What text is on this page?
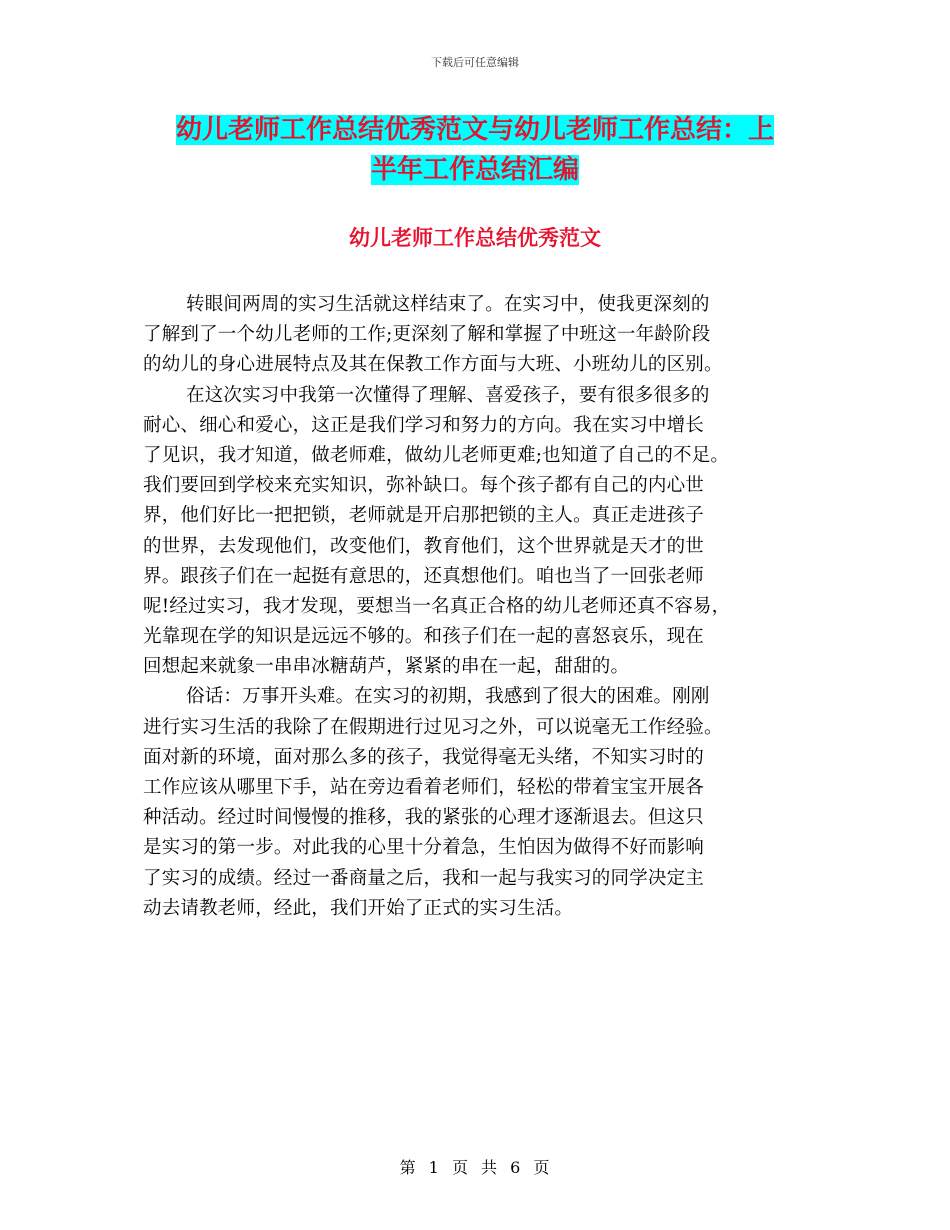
下载后可任意编辑
幼儿老师工作总结优秀范文与幼儿老师工作总结：上
半年工作总结汇编
幼儿老师工作总结优秀范文
转眼间两周的实习生活就这样结束了。在实习中，使我更深刻的
了解到了一个幼儿老师的工作;更深刻了解和掌握了中班这一年龄阶段
的幼儿的身心进展特点及其在保教工作方面与大班、小班幼儿的区别。
在这次实习中我第一次懂得了理解、喜爱孩子，要有很多很多的
耐心、细心和爱心，这正是我们学习和努力的方向。我在实习中增长
了见识，我才知道，做老师难，做幼儿老师更难;也知道了自己的不足。
我们要回到学校来充实知识，弥补缺口。每个孩子都有自己的内心世
界，他们好比一把把锁，老师就是开启那把锁的主人。真正走进孩子
的世界，去发现他们，改变他们，教育他们，这个世界就是天才的世
界。跟孩子们在一起挺有意思的，还真想他们。咱也当了一回张老师
呢!经过实习，我才发现，要想当一名真正合格的幼儿老师还真不容易，
光靠现在学的知识是远远不够的。和孩子们在一起的喜怒哀乐，现在
回想起来就象一串串冰糖葫芦，紧紧的串在一起，甜甜的。
俗话：万事开头难。在实习的初期，我感到了很大的困难。刚刚
进行实习生活的我除了在假期进行过见习之外，可以说毫无工作经验。
面对新的环境，面对那么多的孩子，我觉得毫无头绪，不知实习时的
工作应该从哪里下手，站在旁边看着老师们，轻松的带着宝宝开展各
种活动。经过时间慢慢的推移，我的紧张的心理才逐渐退去。但这只
是实习的第一步。对此我的心里十分着急，生怕因为做得不好而影响
了实习的成绩。经过一番商量之后，我和一起与我实习的同学决定主
动去请教老师，经此，我们开始了正式的实习生活。
第 1 页 共 6 页
